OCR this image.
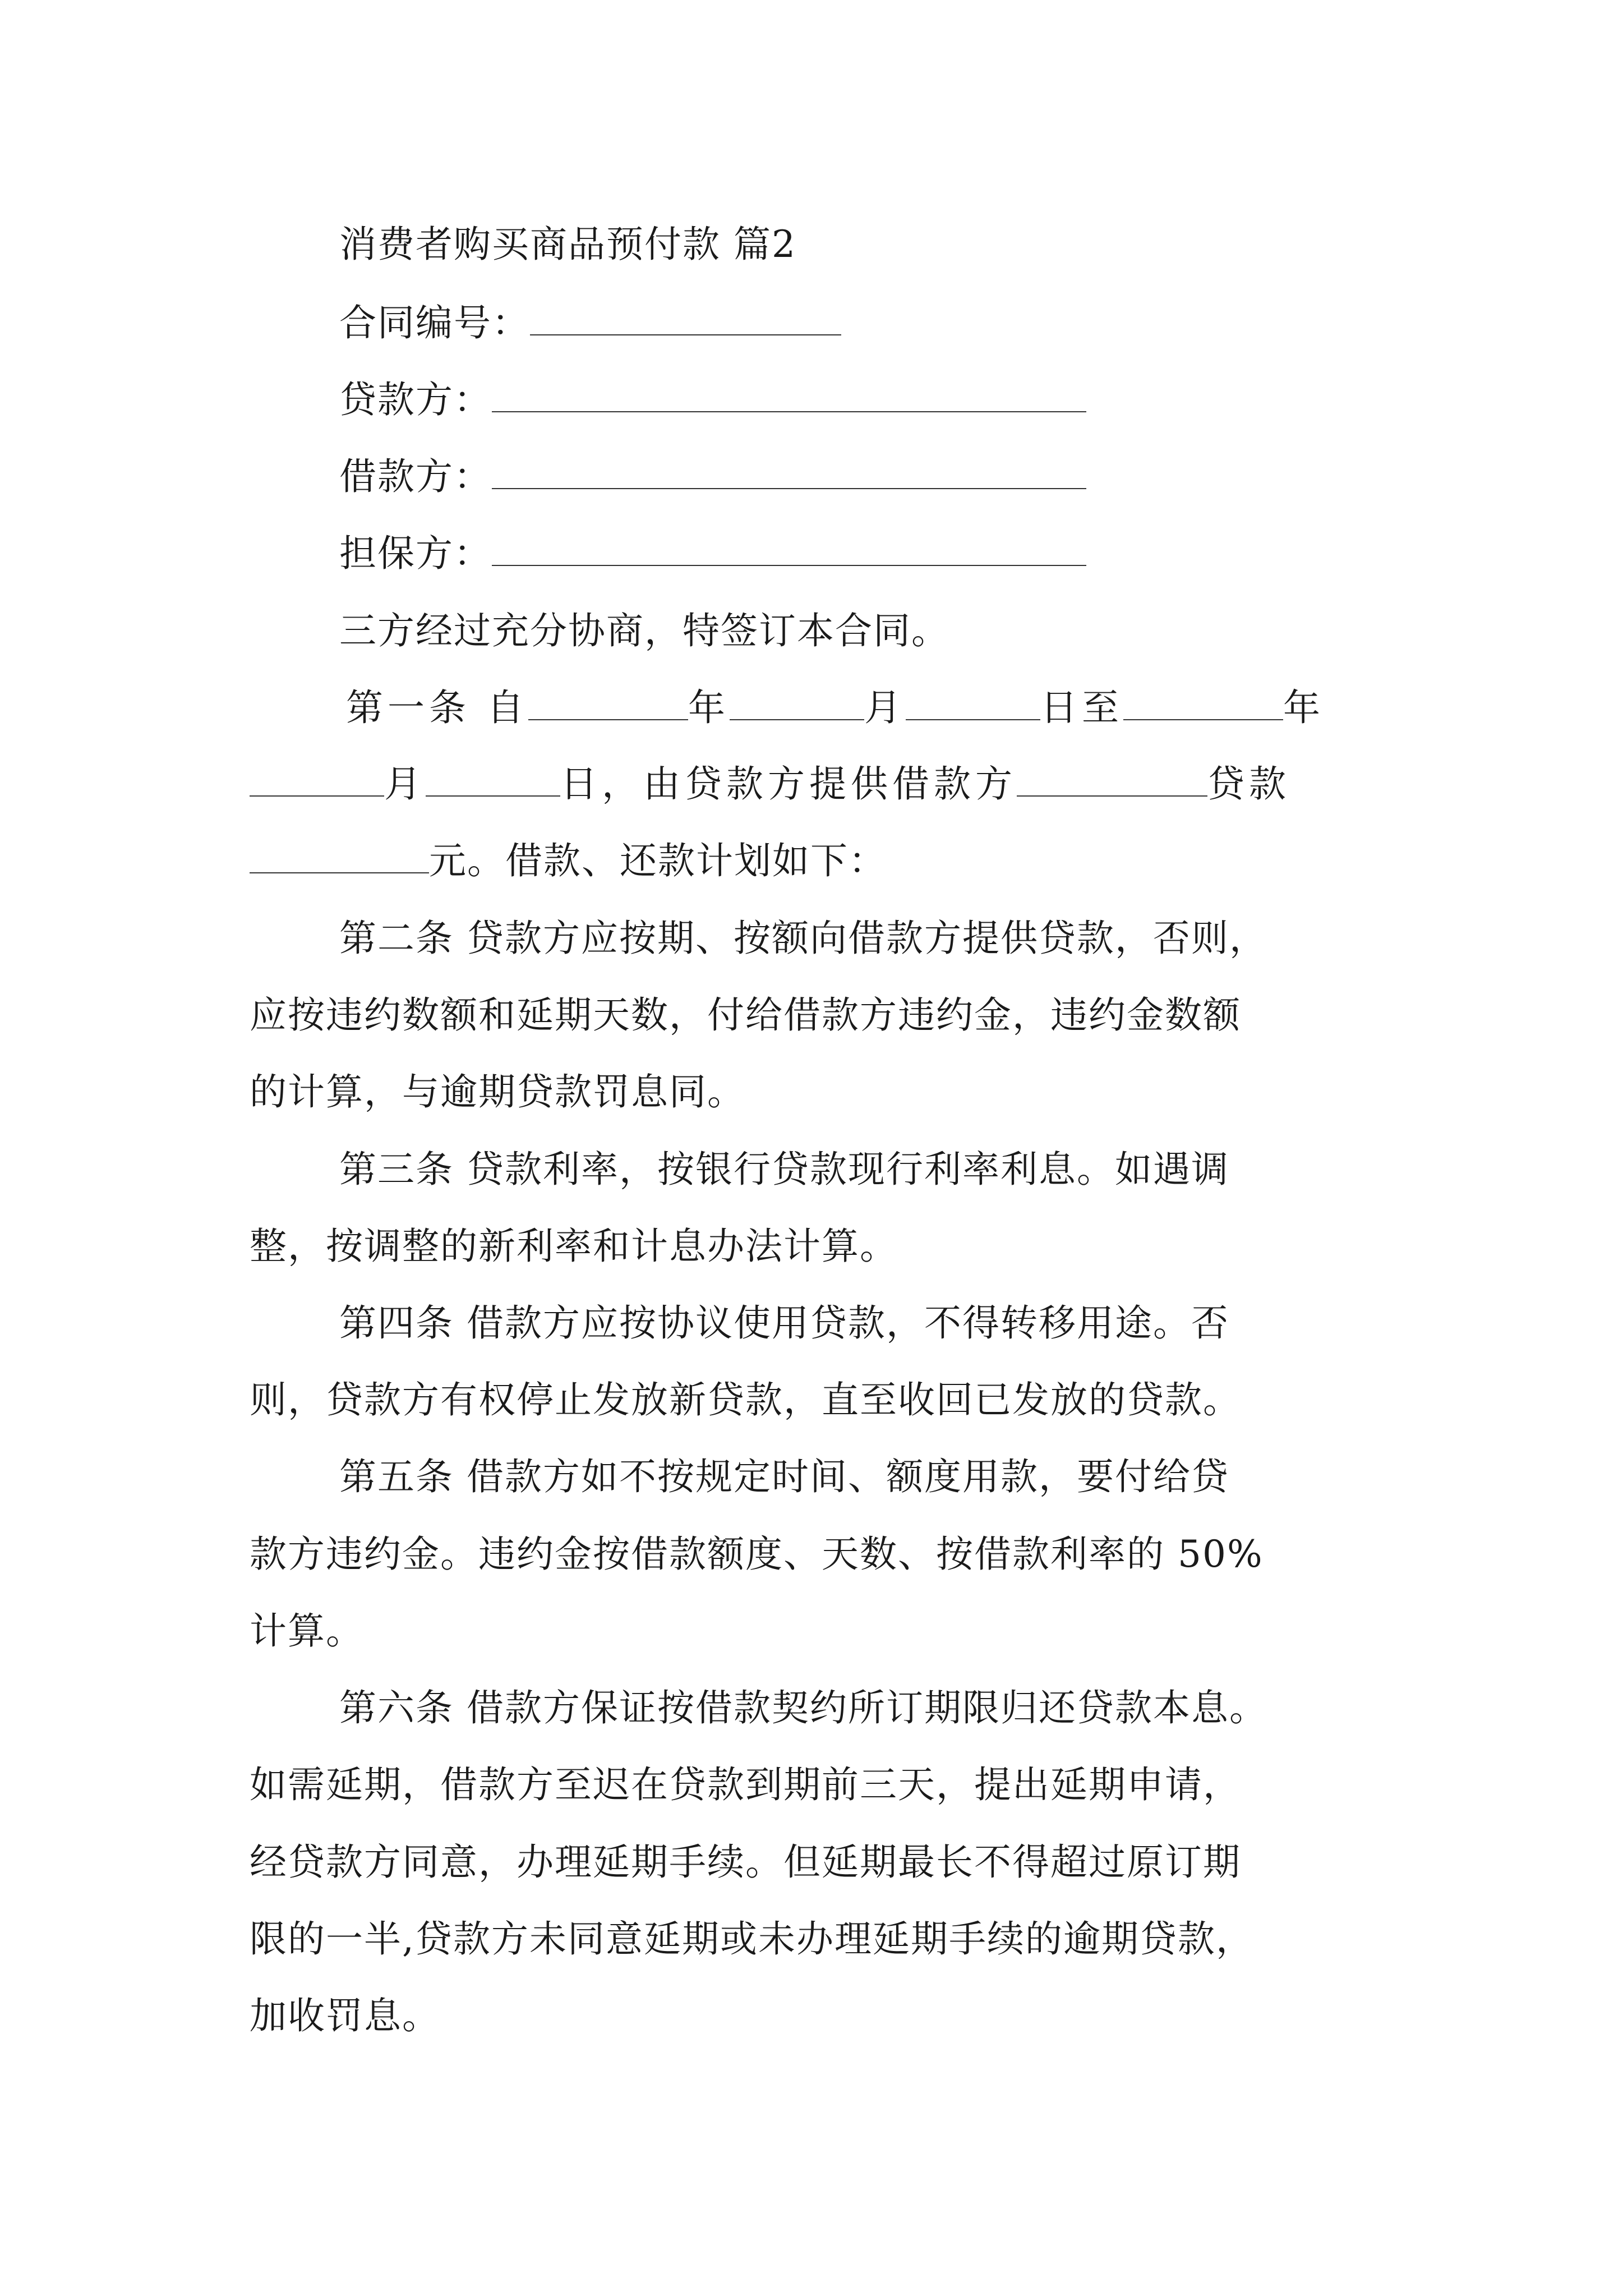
消费者购买商品预付款 篇2
合同编号：
贷款方：
借款方：
担保方：
三方经过充分协商，特签订本合同。
第一条 自	年	月	日至	年
月	日，由贷款方提供借款方	贷款
元。借款、还款计划如下：
第二条 贷款方应按期、按额向借款方提供贷款，否则，
应按违约数额和延期天数，付给借款方违约金，违约金数额
的计算，与逾期贷款罚息同。
第三条 贷款利率，按银行贷款现行利率利息。如遇调
整，按调整的新利率和计息办法计算。
第四条 借款方应按协议使用贷款，不得转移用途。否
则，贷款方有权停止发放新贷款，直至收回已发放的贷款。
第五条 借款方如不按规定时间、额度用款，要付给贷
款方违约金。违约金按借款额度、天数、按借款利率的 50%
计算。
第六条 借款方保证按借款契约所订期限归还贷款本息。
如需延期，借款方至迟在贷款到期前三天，提出延期申请，
经贷款方同意，办理延期手续。但延期最长不得超过原订期
限的一半,贷款方未同意延期或未办理延期手续的逾期贷款，
加收罚息。
